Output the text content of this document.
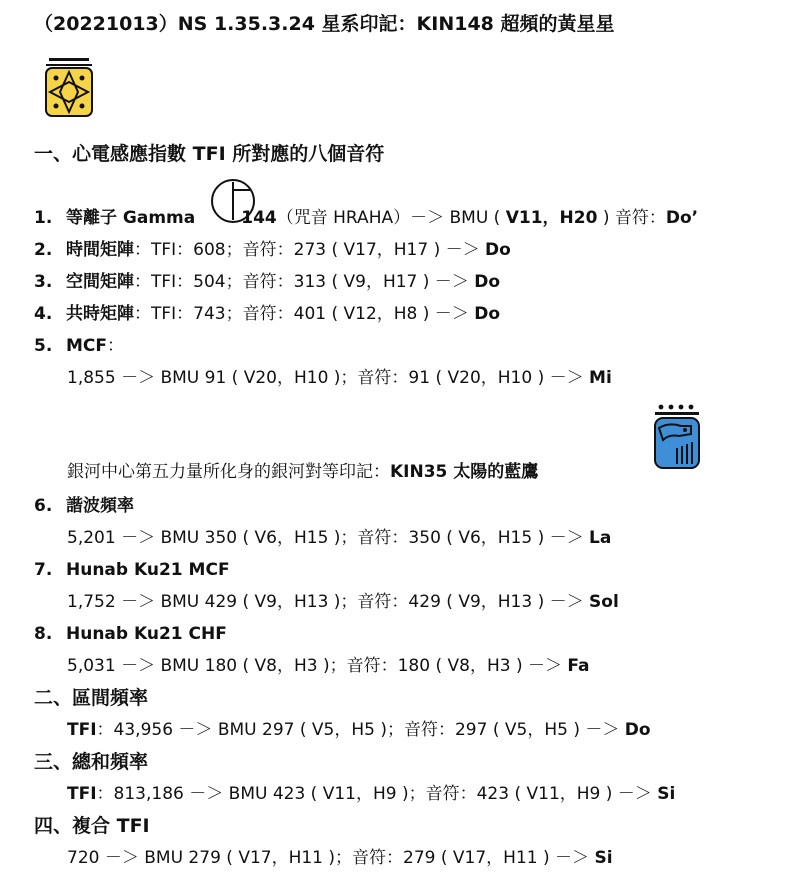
（20221013）NS 1.35.3.24 星系印記：KIN148 超頻的黃星星
一、心電感應指數 TFI 所對應的八個音符
1. 等離子 Gamma	144（咒音 HRAHA）－＞ BMU ( V11，H20 ) 音符：Do’
2. 時間矩陣：TFI：608；音符：273 ( V17，H17 ) －＞ Do
3. 空間矩陣：TFI：504；音符：313 ( V9，H17 ) －＞ Do
4. 共時矩陣：TFI：743；音符：401 ( V12，H8 ) －＞ Do
5. MCF：
1,855 －＞ BMU 91 ( V20，H10 )；音符：91 ( V20，H10 ) －＞ Mi
銀河中心第五力量所化身的銀河對等印記：KIN35 太陽的藍鷹
6. 諧波頻率
5,201 －＞ BMU 350 ( V6，H15 )；音符：350 ( V6，H15 ) －＞ La
7. Hunab Ku21 MCF
1,752 －＞ BMU 429 ( V9，H13 )；音符：429 ( V9，H13 ) －＞ Sol
8. Hunab Ku21 CHF
5,031 －＞ BMU 180 ( V8，H3 )；音符：180 ( V8，H3 ) －＞ Fa
二、區間頻率
TFI：43,956 －＞ BMU 297 ( V5，H5 )；音符：297 ( V5，H5 ) －＞ Do
三、總和頻率
TFI：813,186 －＞ BMU 423 ( V11，H9 )；音符：423 ( V11，H9 ) －＞ Si
四、複合 TFI
720 －＞ BMU 279 ( V17，H11 )；音符：279 ( V17，H11 ) －＞ Si
